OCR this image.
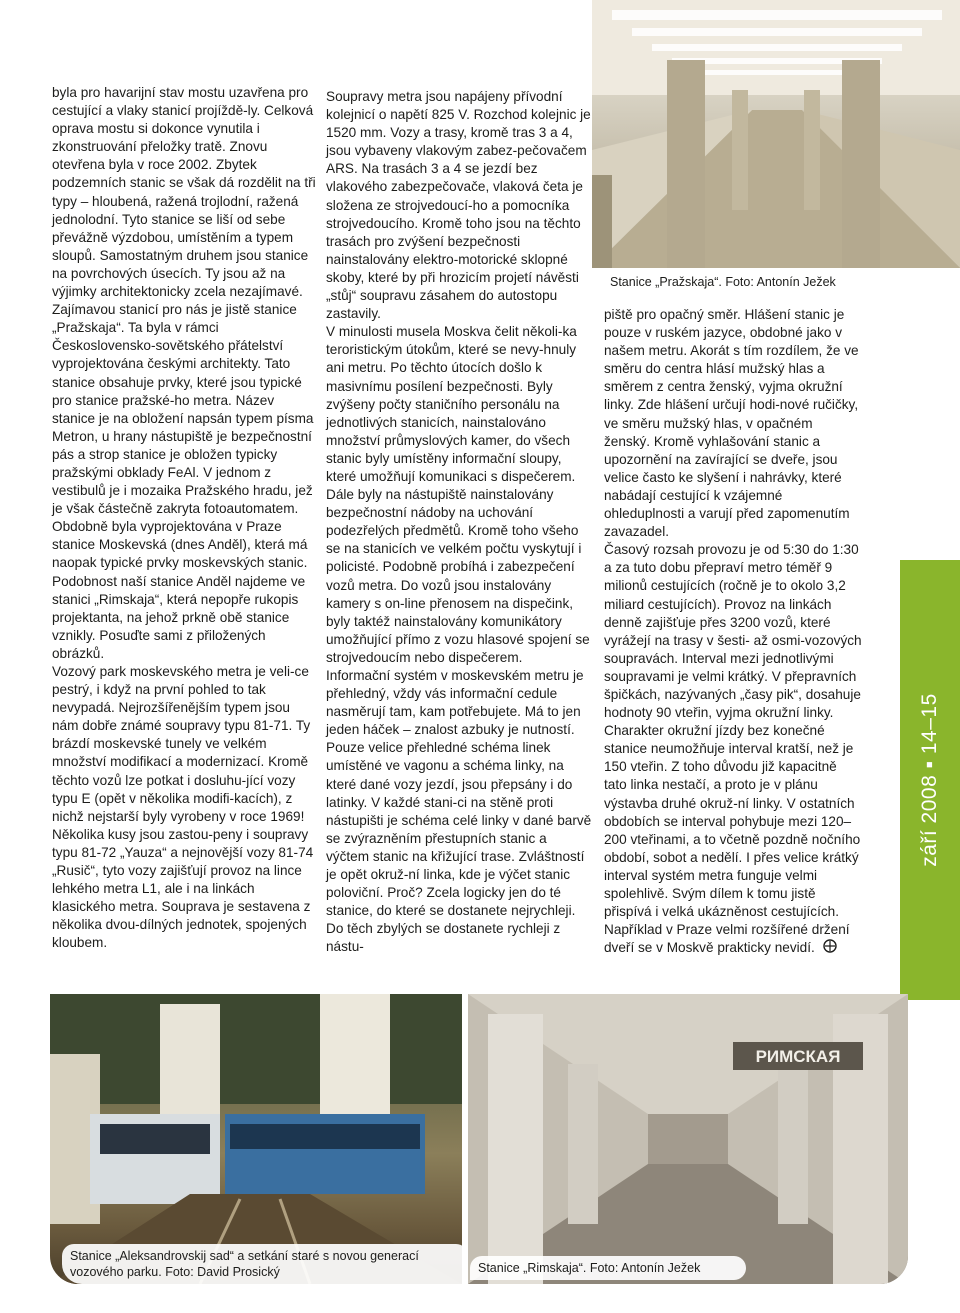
byla pro havarijní stav mostu uzavřena pro cestující a vlaky stanicí projíždě-ly. Celková oprava mostu si dokonce vynutila i zkonstruování přeložky tratě. Znovu otevřena byla v roce 2002. Zbytek podzemních stanic se však dá rozdělit na tři typy – hloubená, ražená trojlodní, ražená jednolodní. Tyto stanice se liší od sebe převážně výzdobou, umístěním a typem sloupů. Samostatným druhem jsou stanice na povrchových úsecích. Ty jsou až na výjimky architektonicky zcela nezajímavé. Zajímavou stanicí pro nás je jistě stanice „Pražskaja“. Ta byla v rámci Československo-sovětského přátelství vyprojektována českými architekty. Tato stanice obsahuje prvky, které jsou typické pro stanice pražské-ho metra. Název stanice je na obložení napsán typem písma Metron, u hrany nástupiště je bezpečnostní pás a strop stanice je obložen typicky pražskými obklady FeAl. V jednom z vestibulů je i mozaika Pražského hradu, jež je však částečně zakryta fotoautomatem. Obdobně byla vyprojektována v Praze stanice Moskevská (dnes Anděl), která má naopak typické prvky moskevských stanic. Podobnost naší stanice Anděl najdeme ve stanici „Rimskaja“, která nepopře rukopis projektanta, na jehož prkně obě stanice vznikly. Posuďte sami z přiložených obrázků.

Vozový park moskevského metra je veli-ce pestrý, i když na první pohled to tak nevypadá. Nejrozšířenějším typem jsou nám dobře známé soupravy typu 81-71. Ty brázdí moskevské tunely ve velkém množství modifikací a modernizací. Kromě těchto vozů lze potkat i dosluhu-jící vozy typu E (opět v několika modifi-kacích), z nichž nejstarší byly vyrobeny v roce 1969! Několika kusy jsou zastou-peny i soupravy typu 81-72 „Yauza“ a nejnovější vozy 81-74 „Rusič“, tyto vozy zajišťují provoz na lince lehkého metra L1, ale i na linkách klasického metra. Souprava je sestavena z několika dvou-dílných jednotek, spojených kloubem.

Soupravy metra jsou napájeny přívodní kolejnicí o napětí 825 V. Rozchod kolejnic je 1520 mm. Vozy a trasy, kromě tras 3 a 4, jsou vybaveny vlakovým zabez-pečovačem ARS. Na trasách 3 a 4 se jezdí bez vlakového zabezpečovače, vlaková četa je složena ze strojvedoucí-ho a pomocníka strojvedoucího. Kromě toho jsou na těchto trasách pro zvýšení bezpečnosti nainstalovány elektro-motorické sklopné skoby, které by při hrozicím projetí návěsti „stůj“ soupravu zásahem do autostopu zastavily.

V minulosti musela Moskva čelit několi-ka teroristickým útokům, které se nevy-hnuly ani metru. Po těchto útocích došlo k masivnímu posílení bezpečnosti. Byly zvýšeny počty staničního personálu na jednotlivých stanicích, nainstalováno množství průmyslových kamer, do všech stanic byly umístěny informační sloupy, které umožňují komunikaci s dispečerem. Dále byly na nástupiště nainstalovány bezpečnostní nádoby na uchování podezřelých předmětů. Kromě toho všeho se na stanicích ve velkém počtu vyskytují i policisté. Podobně probíhá i zabezpečení vozů metra. Do vozů jsou instalovány kamery s on-line přenosem na dispečink, byly taktéž nainstalovány komunikátory umožňující přímo z vozu hlasové spojení se strojvedoucím nebo dispečerem.

Informační systém v moskevském metru je přehledný, vždy vás informační cedule nasměrují tam, kam potřebujete. Má to jen jeden háček – znalost azbuky je nutností. Pouze velice přehledné schéma linek umístěné ve vagonu a schéma linky, na které dané vozy jezdí, jsou přepsány i do latinky. V každé stani-ci na stěně proti nástupišti je schéma celé linky v dané barvě se zvýrazněním přestupních stanic a výčtem stanic na křižující trase. Zvláštností je opět okruž-ní linka, kde je výčet stanic poloviční. Proč? Zcela logicky jen do té stanice, do které se dostanete nejrychleji. Do těch zbylých se dostanete rychleji z nástu-

Stanice „Pražskaja“. Foto: Antonín Ježek

piště pro opačný směr. Hlášení stanic je pouze v ruském jazyce, obdobné jako v našem metru. Akorát s tím rozdílem, že ve směru do centra hlásí mužský hlas a směrem z centra ženský, vyjma okružní linky. Zde hlášení určují hodi-nové ručičky, ve směru mužský hlas, v opačném ženský. Kromě vyhlašování stanic a upozornění na zavírající se dveře, jsou velice často ke slyšení i nahrávky, které nabádají cestující k vzájemné ohleduplnosti a varují před zapomenutím zavazadel.

Časový rozsah provozu je od 5:30 do 1:30 a za tuto dobu přepraví metro téměř 9 milionů cestujících (ročně je to okolo 3,2 miliard cestujících). Provoz na linkách denně zajišťuje přes 3200 vozů, které vyrážejí na trasy v šesti- až osmi-vozových soupravách. Interval mezi jednotlivými soupravami je velmi krátký. V přepravních špičkách, nazývaných „časy pik“, dosahuje hodnoty 90 vteřin, vyjma okružní linky. Charakter okružní jízdy bez konečné stanice neumožňuje interval kratší, než je 150 vteřin. Z toho důvodu již kapacitně tato linka nestačí, a proto je v plánu výstavba druhé okruž-ní linky. V ostatních obdobích se interval pohybuje mezi 120–200 vteřinami, a to včetně pozdně nočního období, sobot a nedělí. I přes velice krátký interval systém metra funguje velmi spolehlivě. Svým dílem k tomu jistě přispívá i velká ukázněnost cestujících. Například v Praze velmi rozšířené držení dveří se v Moskvě prakticky nevidí.

září 2008 ▪ 14–15
Stanice „Aleksandrovskij sad“ a setkání staré s novou generací vozového parku. Foto: David Prosický
РИМСКАЯ
Stanice „Rimskaja“. Foto: Antonín Ježek
